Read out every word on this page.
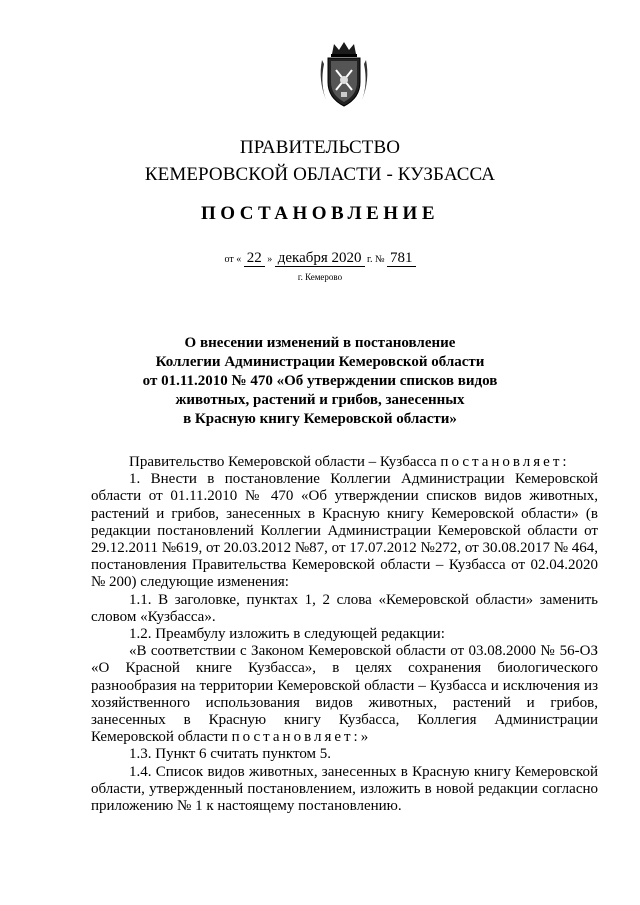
ПРАВИТЕЛЬСТВО
КЕМЕРОВСКОЙ ОБЛАСТИ - КУЗБАССА
ПОСТАНОВЛЕНИЕ
от « 22 » декабря 2020 г. № 781
г. Кемерово
О внесении изменений в постановление
Коллегии Администрации Кемеровской области
от 01.11.2010 № 470 «Об утверждении списков видов
животных, растений и грибов, занесенных
в Красную книгу Кемеровской области»

Правительство Кемеровской области – Кузбасса постановляет:

1. Внести в постановление Коллегии Администрации Кемеровской области от 01.11.2010 № 470 «Об утверждении списков видов животных, растений и грибов, занесенных в Красную книгу Кемеровской области» (в редакции постановлений Коллегии Администрации Кемеровской области от 29.12.2011 №619, от 20.03.2012 №87, от 17.07.2012 №272, от 30.08.2017 № 464, постановления Правительства Кемеровской области – Кузбасса от 02.04.2020 № 200) следующие изменения:

1.1. В заголовке, пунктах 1, 2 слова «Кемеровской области» заменить словом «Кузбасса».

1.2. Преамбулу изложить в следующей редакции:

«В соответствии с Законом Кемеровской области от 03.08.2000 № 56-ОЗ «О Красной книге Кузбасса», в целях сохранения биологического разнообразия на территории Кемеровской области – Кузбасса и исключения из хозяйственного использования видов животных, растений и грибов, занесенных в Красную книгу Кузбасса, Коллегия Администрации Кемеровской области постановляет:»

1.3. Пункт 6 считать пунктом 5.

1.4. Список видов животных, занесенных в Красную книгу Кемеровской области, утвержденный постановлением, изложить в новой редакции согласно приложению № 1 к настоящему постановлению.
